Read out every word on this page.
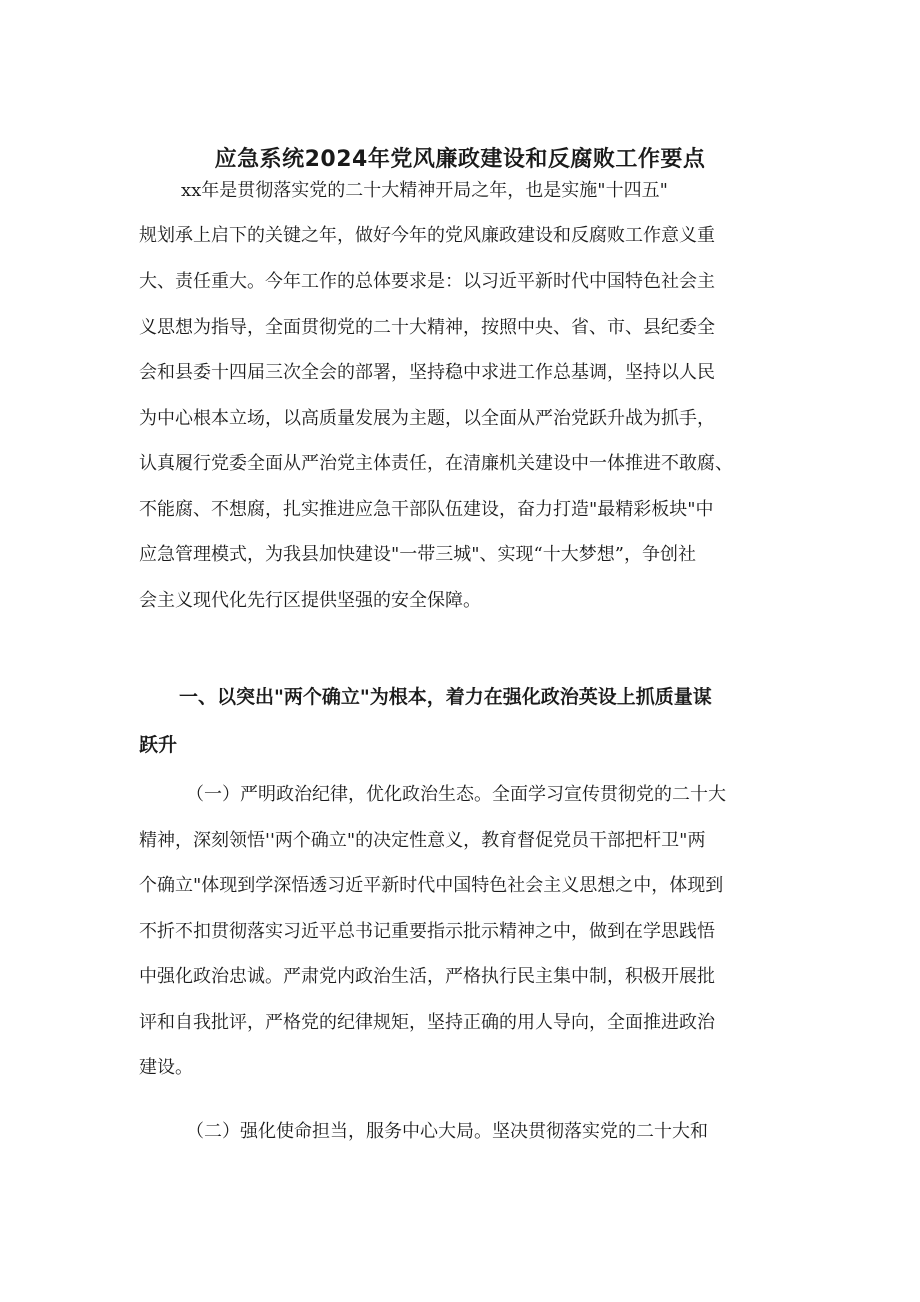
应急系统2024年党风廉政建设和反腐败工作要点

xx年是贯彻落实党的二十大精神开局之年，也是实施"十四五"

规划承上启下的关键之年，做好今年的党风廉政建设和反腐败工作意义重

大、责任重大。今年工作的总体要求是：以习近平新时代中国特色社会主

义思想为指导，全面贯彻党的二十大精神，按照中央、省、市、县纪委全

会和县委十四届三次全会的部署，坚持稳中求进工作总基调，坚持以人民

为中心根本立场，以高质量发展为主题，以全面从严治党跃升战为抓手，

认真履行党委全面从严治党主体责任，在清廉机关建设中一体推进不敢腐、

不能腐、不想腐，扎实推进应急干部队伍建设，奋力打造"最精彩板块"中

应急管理模式，为我县加快建设"一带三城"、实现“十大梦想”，争创社

会主义现代化先行区提供坚强的安全保障。

一、以突出"两个确立"为根本，着力在强化政治英设上抓质量谋

跃升

（一）严明政治纪律，优化政治生态。全面学习宣传贯彻党的二十大

精神，深刻领悟''两个确立"的决定性意义，教育督促党员干部把杆卫"两

个确立"体现到学深悟透习近平新时代中国特色社会主义思想之中，体现到

不折不扣贯彻落实习近平总书记重要指示批示精神之中，做到在学思践悟

中强化政治忠诚。严肃党内政治生活，严格执行民主集中制，积极开展批

评和自我批评，严格党的纪律规矩，坚持正确的用人导向，全面推进政治

建设。

（二）强化使命担当，服务中心大局。坚决贯彻落实党的二十大和
